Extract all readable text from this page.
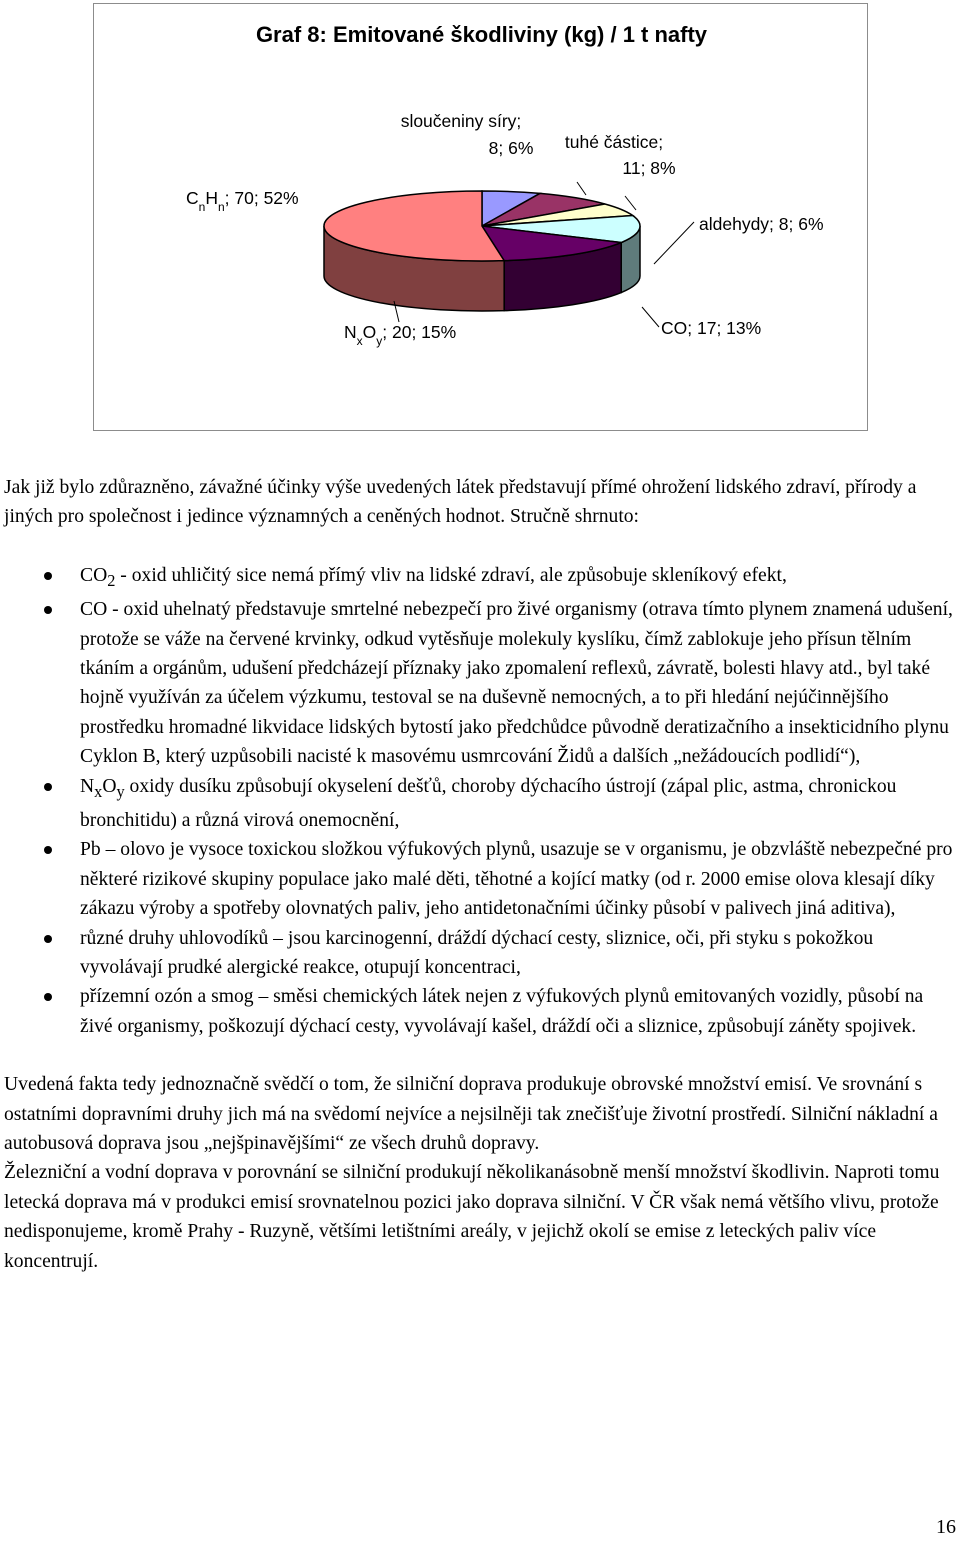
Graf 8: Emitované škodliviny (kg) / 1 t nafty
sloučeniny síry;
8; 6% tuhé částice;
11; 8%
aldehydy; 8; 6%
CO; 17; 13%
$N_xO_y$; 20; 15%
$C_nH_n$; 70; 52%

Jak již bylo zdůrazněno, závažné účinky výše uvedených látek představují přímé ohrožení lidského zdraví, přírody a jiných pro společnost i jedince významných a ceněných hodnot. Stručně shrnuto:

$CO_2$ - oxid uhličitý sice nemá přímý vliv na lidské zdraví, ale způsobuje skleníkový efekt,
CO - oxid uhelnatý představuje smrtelné nebezpečí pro živé organismy (otrava tímto plynem znamená udušení, protože se váže na červené krvinky, odkud vytěsňuje molekuly kyslíku, čímž zablokuje jeho přísun tělním tkáním a orgánům, udušení předcházejí příznaky jako zpomalení reflexů, závratě, bolesti hlavy atd., byl také hojně využíván za účelem výzkumu, testoval se na duševně nemocných, a to při hledání nejúčinnějšího prostředku hromadné likvidace lidských bytostí jako předchůdce původně deratizačního a insekticidního plynu Cyklon B, který uzpůsobili nacisté k masovému usmrcování Židů a dalších „nežádoucích podlidí“),
$N_xO_y$ oxidy dusíku způsobují okyselení dešťů, choroby dýchacího ústrojí (zápal plic, astma, chronickou bronchitidu) a různá virová onemocnění,
Pb – olovo je vysoce toxickou složkou výfukových plynů, usazuje se v organismu, je obzvláště nebezpečné pro některé rizikové skupiny populace jako malé děti, těhotné a kojící matky (od r. 2000 emise olova klesají díky zákazu výroby a spotřeby olovnatých paliv, jeho antidetonačními účinky působí v palivech jiná aditiva),
různé druhy uhlovodíků – jsou karcinogenní, dráždí dýchací cesty, sliznice, oči, při styku s pokožkou vyvolávají prudké alergické reakce, otupují koncentraci,
přízemní ozón a smog – směsi chemických látek nejen z výfukových plynů emitovaných vozidly, působí na živé organismy, poškozují dýchací cesty, vyvolávají kašel, dráždí oči a sliznice, způsobují záněty spojivek.

Uvedená fakta tedy jednoznačně svědčí o tom, že silniční doprava produkuje obrovské množství emisí. Ve srovnání s ostatními dopravními druhy jich má na svědomí nejvíce a nejsilněji tak znečišťuje životní prostředí. Silniční nákladní a autobusová doprava jsou „nejšpinavějšími“ ze všech druhů dopravy.

Železniční a vodní doprava v porovnání se silniční produkují několikanásobně menší množství škodlivin. Naproti tomu letecká doprava má v produkci emisí srovnatelnou pozici jako doprava silniční. V ČR však nemá většího vlivu, protože nedisponujeme, kromě Prahy - Ruzyně, většími letištními areály, v jejichž okolí se emise z leteckých paliv více koncentrují.

16
